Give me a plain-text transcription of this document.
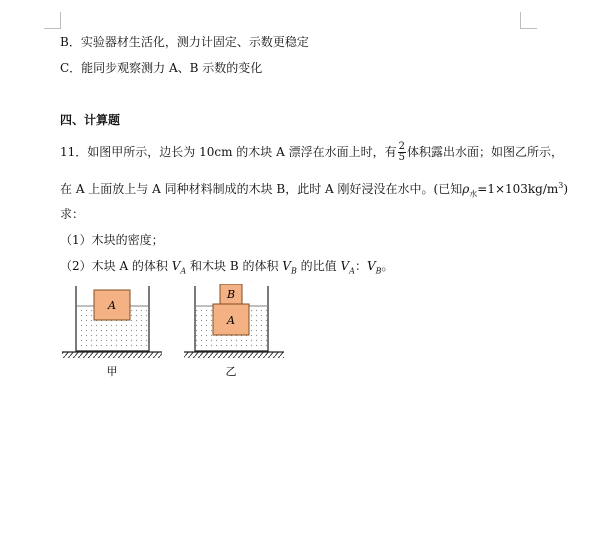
B．实验器材生活化，测力计固定、示数更稳定
C．能同步观察测力 A、B 示数的变化
四、计算题
11．如图甲所示，边长为 10cm 的木块 A 漂浮在水面上时，有 $\frac{2}{5}$ 体积露出水面；如图乙所示，
在 A 上面放上与 A 同种材料制成的木块 B，此时 A 刚好浸没在水中。(已知$\rho_水=1\times 103kg/m^3$)
求：
（1）木块的密度；
（2）木块 A 的体积 $V_A$ 和木块 B 的体积 $V_B$ 的比值 $V_A$：$V_B$。
A
甲
B
A
乙
